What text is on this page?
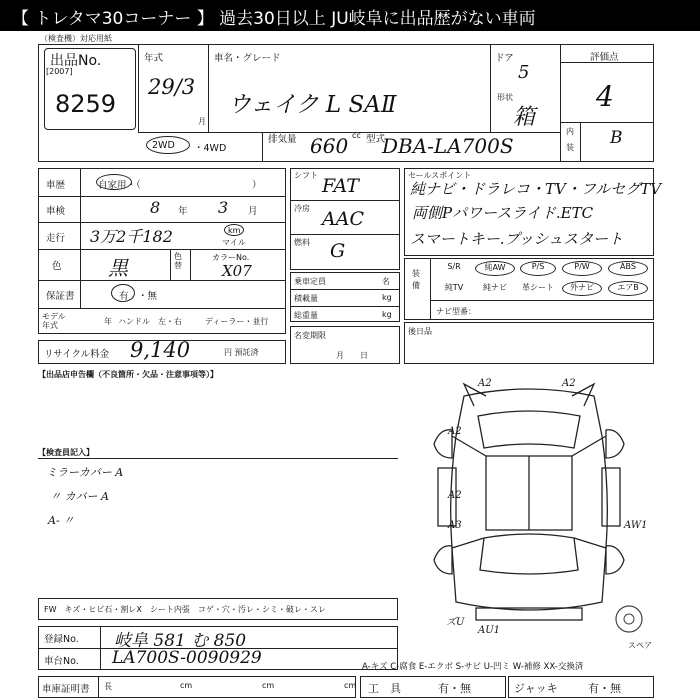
【 トレタマ30コーナー 】 過去30日以上 JU岐阜に出品歴がない車両
（検査機）対応用紙
出品No.
[2007]
8259
年式
29/3
月
車名・グレード
ウェイク L SAⅡ
ドア
5
形状
箱
評価点
4
内
装 B
2WD ・4WD
排気量 660 cc 型式
DBA-LA700S
車歴	自家用・（	）
車検	8 年 3 月
走行 3万2千182	km
マイル
色 黒	色替
カラーNo.
X07
保証書	有 ・無
モデル
年式	年 ハンドル　左・右	ディーラー・並行
リサイクル料金 9,140	円 預託済
シフト FAT
冷房 AAC
燃料 G
乗車定員	名
積載量	kg
総重量	kg
名変期限
月　　日
セールスポイント
純ナビ・ドラレコ・TV・フルセグTV
両側Pパワースライド.ETC
スマートキー.プッシュスタート
装備
S/R	純AW	P/S	P/W	ABS
純TV	純ナビ	革シート	外ナビ	エアB
ナビ型番：
後日品
【出品店申告欄（不良箇所・欠品・注意事項等）】
【検査員記入】
ミラーカバー A
〃 カバー A
A- 〃
A2	A2
A2
A2
A3	AW1
ズU
AU1
スペア
FW　キズ・ヒビ石・割レX　シート内張　コゲ・穴・汚レ・シミ・破レ・スレ
登録No. 岐阜 581 む 850
車台No. LA700S-0090929	A-キズ C-腐食 E-エクボ S-サビ U-凹ミ W-補修 XX-交換済
車庫証明書 長	cm	cm	cm 工　具	有・無	ジャッキ	有・無
